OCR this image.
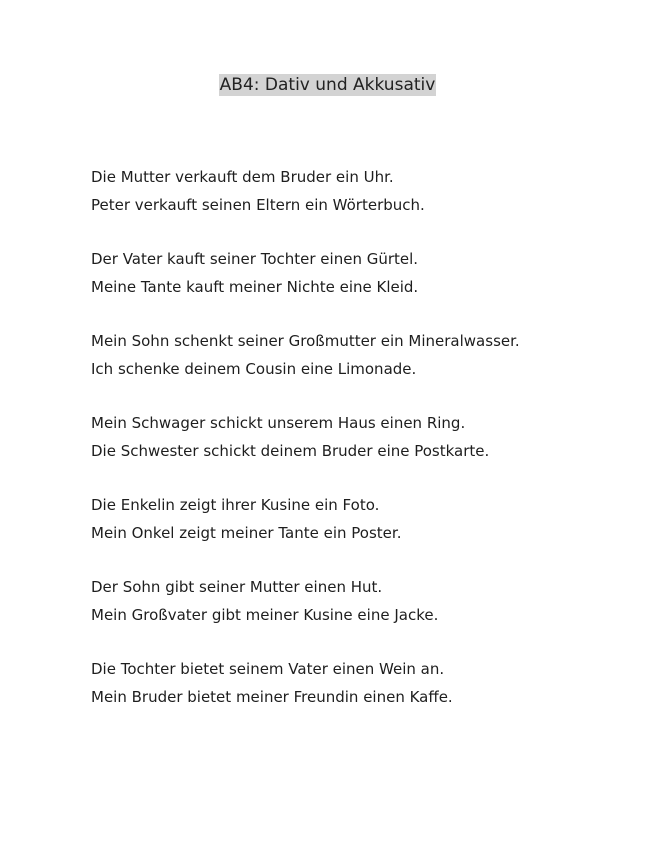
AB4: Dativ und Akkusativ
Die Mutter verkauft dem Bruder ein Uhr.
Peter verkauft seinen Eltern ein Wörterbuch.
Der Vater kauft seiner Tochter einen Gürtel.
Meine Tante kauft meiner Nichte eine Kleid.
Mein Sohn schenkt seiner Großmutter ein Mineralwasser.
Ich schenke deinem Cousin eine Limonade.
Mein Schwager schickt unserem Haus einen Ring.
Die Schwester schickt deinem Bruder eine Postkarte.
Die Enkelin zeigt ihrer Kusine ein Foto.
Mein Onkel zeigt meiner Tante ein Poster.
Der Sohn gibt seiner Mutter einen Hut.
Mein Großvater gibt meiner Kusine eine Jacke.
Die Tochter bietet seinem Vater einen Wein an.
Mein Bruder bietet meiner Freundin einen Kaffe.
